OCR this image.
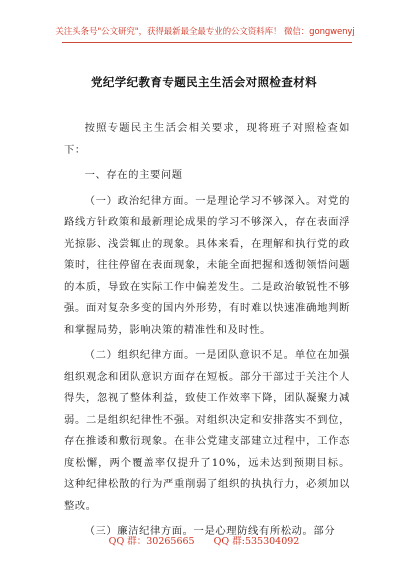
关注头条号"公文研究"，获得最新最全最专业的公文资料库！ 微信：gongwenyj
党纪学纪教育专题民主生活会对照检查材料

按照专题民主生活会相关要求，现将班子对照检查如下：

一、存在的主要问题

（一）政治纪律方面。一是理论学习不够深入。对党的路线方针政策和最新理论成果的学习不够深入，存在表面浮光掠影、浅尝辄止的现象。具体来看，在理解和执行党的政策时，往往停留在表面现象，未能全面把握和透彻领悟问题的本质，导致在实际工作中偏差发生。二是政治敏锐性不够强。面对复杂多变的国内外形势，有时难以快速准确地判断和掌握局势，影响决策的精准性和及时性。

（二）组织纪律方面。一是团队意识不足。单位在加强组织观念和团队意识方面存在短板。部分干部过于关注个人得失，忽视了整体利益，致使工作效率下降，团队凝聚力减弱。二是组织纪律性不强。对组织决定和安排落实不到位，存在推诿和敷衍现象。在非公党建支部建立过程中，工作态度松懈，两个覆盖率仅提升了10%，远未达到预期目标。这种纪律松散的行为严重削弱了组织的执执行力，必须加以整改。

（三）廉洁纪律方面。一是心理防线有所松动。部分

QQ 群：30265665 QQ 群:535304092
